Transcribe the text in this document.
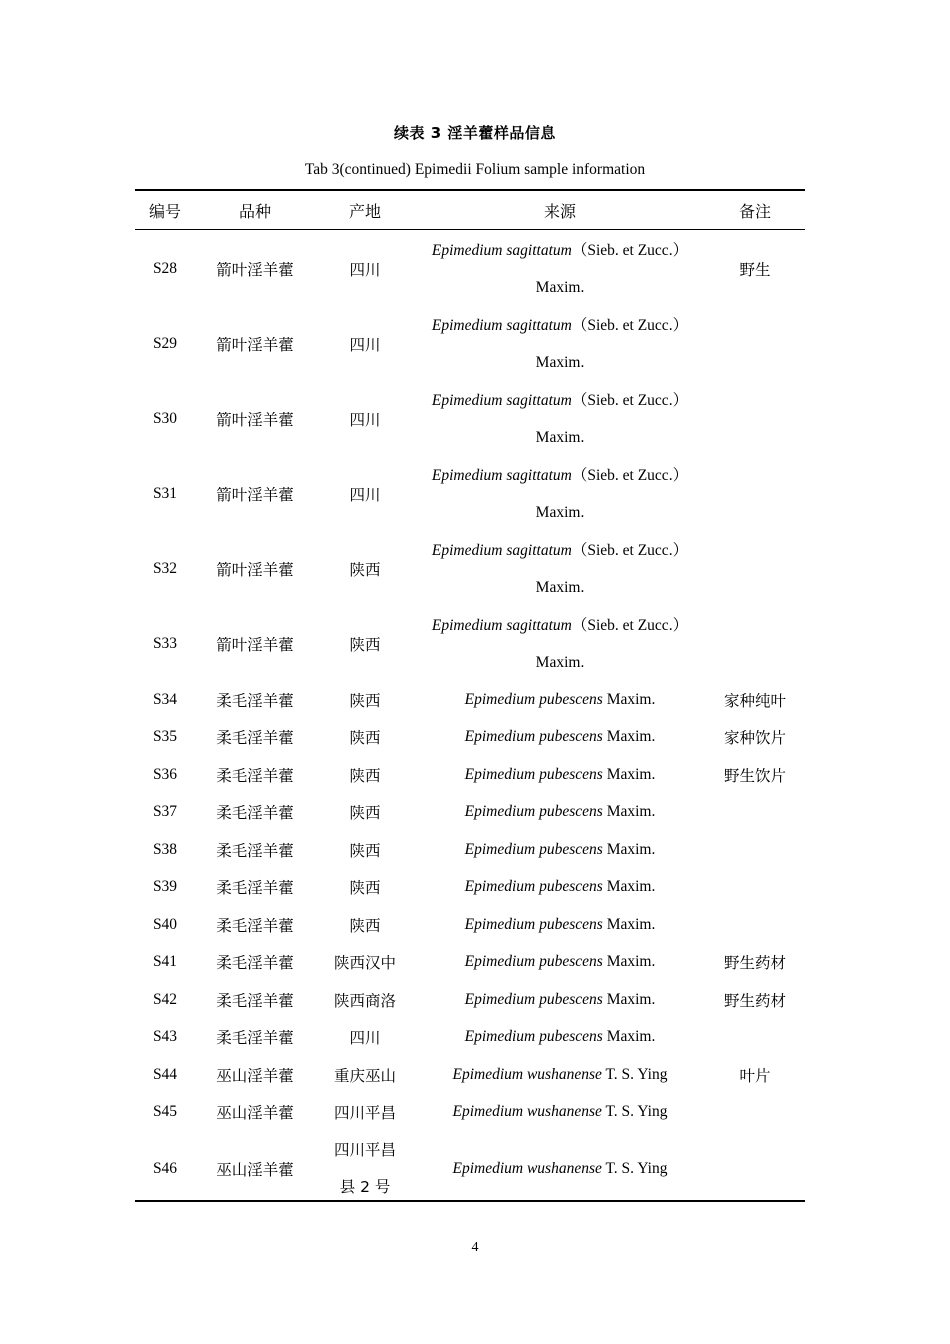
续表 3 淫羊藿样品信息
Tab 3(continued) Epimedii Folium sample information
编号	品种	产地	来源	备注
S28	箭叶淫羊藿	四川	Epimedium sagittatum（Sieb. et Zucc.）
Maxim.	野生
S29	箭叶淫羊藿	四川	Epimedium sagittatum（Sieb. et Zucc.）
Maxim.	

S30	箭叶淫羊藿	四川	Epimedium sagittatum（Sieb. et Zucc.）
Maxim.	

S31	箭叶淫羊藿	四川	Epimedium sagittatum（Sieb. et Zucc.）
Maxim.	

S32	箭叶淫羊藿	陕西	Epimedium sagittatum（Sieb. et Zucc.）
Maxim.	

S33	箭叶淫羊藿	陕西	Epimedium sagittatum（Sieb. et Zucc.）
Maxim.	

S34	柔毛淫羊藿	陕西	Epimedium pubescens Maxim.	家种纯叶
S35	柔毛淫羊藿	陕西	Epimedium pubescens Maxim.	家种饮片
S36	柔毛淫羊藿	陕西	Epimedium pubescens Maxim.	野生饮片
S37	柔毛淫羊藿	陕西	Epimedium pubescens Maxim.	
S38	柔毛淫羊藿	陕西	Epimedium pubescens Maxim.	
S39	柔毛淫羊藿	陕西	Epimedium pubescens Maxim.	
S40	柔毛淫羊藿	陕西	Epimedium pubescens Maxim.	
S41	柔毛淫羊藿	陕西汉中	Epimedium pubescens Maxim.	野生药材
S42	柔毛淫羊藿	陕西商洛	Epimedium pubescens Maxim.	野生药材
S43	柔毛淫羊藿	四川	Epimedium pubescens Maxim.	
S44	巫山淫羊藿	重庆巫山	Epimedium wushanense T. S. Ying	叶片
S45	巫山淫羊藿	四川平昌	Epimedium wushanense T. S. Ying	
S46	巫山淫羊藿	四川平昌
县 2 号	Epimedium wushanense T. S. Ying	
4
